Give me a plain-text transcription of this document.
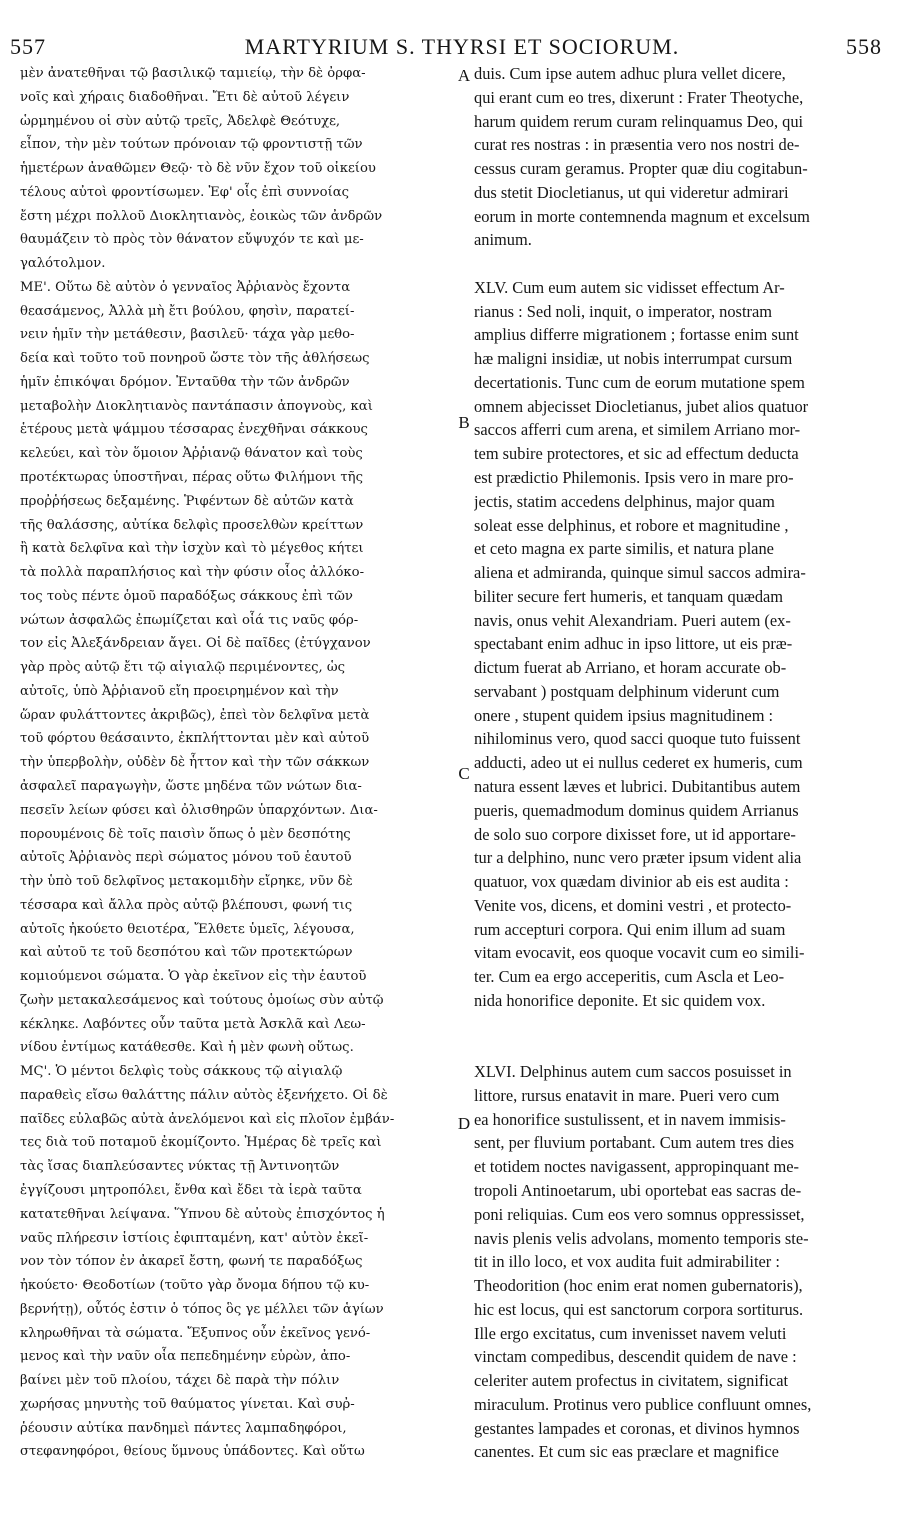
557	MARTYRIUM S. THYRSI ET SOCIORUM.	558
μὲν ἀνατεθῆναι τῷ βασιλικῷ ταμιείῳ, τὴν δὲ ὀρφα-
νοῖς καὶ χήραις διαδοθῆναι. Ἔτι δὲ αὐτοῦ λέγειν
ὡρμημένου οἱ σὺν αὐτῷ τρεῖς, Ἀδελφὲ Θεότυχε,
εἶπον, τὴν μὲν τούτων πρόνοιαν τῷ φροντιστῇ τῶν
ἡμετέρων ἀναθῶμεν Θεῷ· τὸ δὲ νῦν ἔχον τοῦ οἰκείου
τέλους αὐτοὶ φροντίσωμεν. Ἐφ' οἷς ἐπὶ συννοίας
ἔστη μέχρι πολλοῦ Διοκλητιανὸς, ἐοικὼς τῶν ἀνδρῶν
θαυμάζειν τὸ πρὸς τὸν θάνατον εὔψυχόν τε καὶ με-
γαλότολμον.
ΜΕ'. Οὕτω δὲ αὐτὸν ὁ γενναῖος Ἀῤῥιανὸς ἔχοντα
θεασάμενος, Ἀλλὰ μὴ ἔτι βούλου, φησὶν, παρατεί-
νειν ἡμῖν τὴν μετάθεσιν, βασιλεῦ· τάχα γὰρ μεθο-
δεία καὶ τοῦτο τοῦ πονηροῦ ὥστε τὸν τῆς ἀθλήσεως
ἡμῖν ἐπικόψαι δρόμον. Ἐνταῦθα τὴν τῶν ἀνδρῶν
μεταβολὴν Διοκλητιανὸς παντάπασιν ἀπογνοὺς, καὶ
ἑτέρους μετὰ ψάμμου τέσσαρας ἐνεχθῆναι σάκκους
κελεύει, καὶ τὸν ὅμοιον Ἀῤῥιανῷ θάνατον καὶ τοὺς
προτέκτωρας ὑποστῆναι, πέρας οὕτω Φιλήμονι τῆς
προῤῥήσεως δεξαμένης. Ῥιφέντων δὲ αὐτῶν κατὰ
τῆς θαλάσσης, αὐτίκα δελφὶς προσελθὼν κρείττων
ἢ κατὰ δελφῖνα καὶ τὴν ἰσχὺν καὶ τὸ μέγεθος κήτει
τὰ πολλὰ παραπλήσιος καὶ τὴν φύσιν οἷος ἀλλόκο-
τος τοὺς πέντε ὁμοῦ παραδόξως σάκκους ἐπὶ τῶν
νώτων ἀσφαλῶς ἐπωμίζεται καὶ οἷά τις ναῦς φόρ-
τον εἰς Ἀλεξάνδρειαν ἄγει. Οἱ δὲ παῖδες (ἐτύγχανον
γὰρ πρὸς αὐτῷ ἔτι τῷ αἰγιαλῷ περιμένοντες, ὡς
αὐτοῖς, ὑπὸ Ἀῤῥιανοῦ εἴη προειρημένον καὶ τὴν
ὥραν φυλάττοντες ἀκριβῶς), ἐπεὶ τὸν δελφῖνα μετὰ
τοῦ φόρτου θεάσαιντο, ἐκπλήττονται μὲν καὶ αὐτοῦ
τὴν ὑπερβολὴν, οὐδὲν δὲ ἧττον καὶ τὴν τῶν σάκκων
ἀσφαλεῖ παραγωγὴν, ὥστε μηδένα τῶν νώτων δια-
πεσεῖν λείων φύσει καὶ ὀλισθηρῶν ὑπαρχόντων. Δια-
πορουμένοις δὲ τοῖς παισὶν ὅπως ὁ μὲν δεσπότης
αὐτοῖς Ἀῤῥιανὸς περὶ σώματος μόνου τοῦ ἑαυτοῦ
τὴν ὑπὸ τοῦ δελφῖνος μετακομιδὴν εἴρηκε, νῦν δὲ
τέσσαρα καὶ ἄλλα πρὸς αὐτῷ βλέπουσι, φωνή τις
αὐτοῖς ἠκούετο θειοτέρα, Ἔλθετε ὑμεῖς, λέγουσα,
καὶ αὐτοῦ τε τοῦ δεσπότου καὶ τῶν προτεκτώρων
κομιούμενοι σώματα. Ὁ γὰρ ἐκεῖνον εἰς τὴν ἑαυτοῦ
ζωὴν μετακαλεσάμενος καὶ τούτους ὁμοίως σὺν αὐτῷ
κέκληκε. Λαβόντες οὖν ταῦτα μετὰ Ἀσκλᾶ καὶ Λεω-
νίδου ἐντίμως κατάθεσθε. Καὶ ἡ μὲν φωνὴ οὕτως.
ΜϚ'. Ὁ μέντοι δελφὶς τοὺς σάκκους τῷ αἰγιαλῷ
παραθεὶς εἴσω θαλάττης πάλιν αὐτὸς ἐξενήχετο. Οἱ δὲ
παῖδες εὐλαβῶς αὐτὰ ἀνελόμενοι καὶ εἰς πλοῖον ἐμβάν-
τες διὰ τοῦ ποταμοῦ ἐκομίζοντο. Ἡμέρας δὲ τρεῖς καὶ
τὰς ἴσας διαπλεύσαντες νύκτας τῇ Ἀντινοητῶν
ἐγγίζουσι μητροπόλει, ἔνθα καὶ ἔδει τὰ ἱερὰ ταῦτα
κατατεθῆναι λείψανα. Ὕπνου δὲ αὐτοὺς ἐπισχόντος ἡ
ναῦς πλήρεσιν ἱστίοις ἐφιπταμένη, κατ' αὐτὸν ἐκεῖ-
νον τὸν τόπον ἐν ἀκαρεῖ ἔστη, φωνή τε παραδόξως
ἠκούετο· Θεοδοτίων (τοῦτο γὰρ ὄνομα δήπου τῷ κυ-
βερνήτῃ), οὗτός ἐστιν ὁ τόπος ὃς γε μέλλει τῶν ἁγίων
κληρωθῆναι τὰ σώματα. Ἔξυπνος οὖν ἐκεῖνος γενό-
μενος καὶ τὴν ναῦν οἷα πεπεδημένην εὑρὼν, ἀπο-
βαίνει μὲν τοῦ πλοίου, τάχει δὲ παρὰ τὴν πόλιν
χωρήσας μηνυτὴς τοῦ θαύματος γίνεται. Καὶ συῤ-
ῥέουσιν αὐτίκα πανδημεὶ πάντες λαμπαδηφόροι,
στεφανηφόροι, θείους ὕμνους ὑπάδοντες. Καὶ οὕτω
duis. Cum ipse autem adhuc plura vellet dicere,
qui erant cum eo tres, dixerunt : Frater Theotyche,
harum quidem rerum curam relinquamus Deo, qui
curat res nostras : in præsentia vero nos nostri de-
cessus curam geramus. Propter quæ diu cogitabun-
dus stetit Diocletianus, ut qui videretur admirari
eorum in morte contemnenda magnum et excelsum
animum.
XLV. Cum eum autem sic vidisset effectum Ar-
rianus : Sed noli, inquit, o imperator, nostram
amplius differre migrationem ; fortasse enim sunt
hæ maligni insidiæ, ut nobis interrumpat cursum
decertationis. Tunc cum de eorum mutatione spem
omnem abjecisset Diocletianus, jubet alios quatuor
saccos afferri cum arena, et similem Arriano mor-
tem subire protectores, et sic ad effectum deducta
est prædictio Philemonis. Ipsis vero in mare pro-
jectis, statim accedens delphinus, major quam
soleat esse delphinus, et robore et magnitudine ,
et ceto magna ex parte similis, et natura plane
aliena et admiranda, quinque simul saccos admira-
biliter secure fert humeris, et tanquam quædam
navis, onus vehit Alexandriam. Pueri autem (ex-
spectabant enim adhuc in ipso littore, ut eis præ-
dictum fuerat ab Arriano, et horam accurate ob-
servabant ) postquam delphinum viderunt cum
onere , stupent quidem ipsius magnitudinem :
nihilominus vero, quod sacci quoque tuto fuissent
adducti, adeo ut ei nullus cederet ex humeris, cum
natura essent læves et lubrici. Dubitantibus autem
pueris, quemadmodum dominus quidem Arrianus
de solo suo corpore dixisset fore, ut id apportare-
tur a delphino, nunc vero præter ipsum vident alia
quatuor, vox quædam divinior ab eis est audita :
Venite vos, dicens, et domini vestri , et protecto-
rum accepturi corpora. Qui enim illum ad suam
vitam evocavit, eos quoque vocavit cum eo simili-
ter. Cum ea ergo acceperitis, cum Ascla et Leo-
nida honorifice deponite. Et sic quidem vox.
XLVI. Delphinus autem cum saccos posuisset in
littore, rursus enatavit in mare. Pueri vero cum
ea honorifice sustulissent, et in navem immisis-
sent, per fluvium portabant. Cum autem tres dies
et totidem noctes navigassent, appropinquant me-
tropoli Antinoetarum, ubi oportebat eas sacras de-
poni reliquias. Cum eos vero somnus oppressisset,
navis plenis velis advolans, momento temporis ste-
tit in illo loco, et vox audita fuit admirabiliter :
Theodorition (hoc enim erat nomen gubernatoris),
hic est locus, qui est sanctorum corpora sortiturus.
Ille ergo excitatus, cum invenisset navem veluti
vinctam compedibus, descendit quidem de nave :
celeriter autem profectus in civitatem, significat
miraculum. Protinus vero publice confluunt omnes,
gestantes lampades et coronas, et divinos hymnos
canentes. Et cum sic eas præclare et magnifice
A
B
C
D
